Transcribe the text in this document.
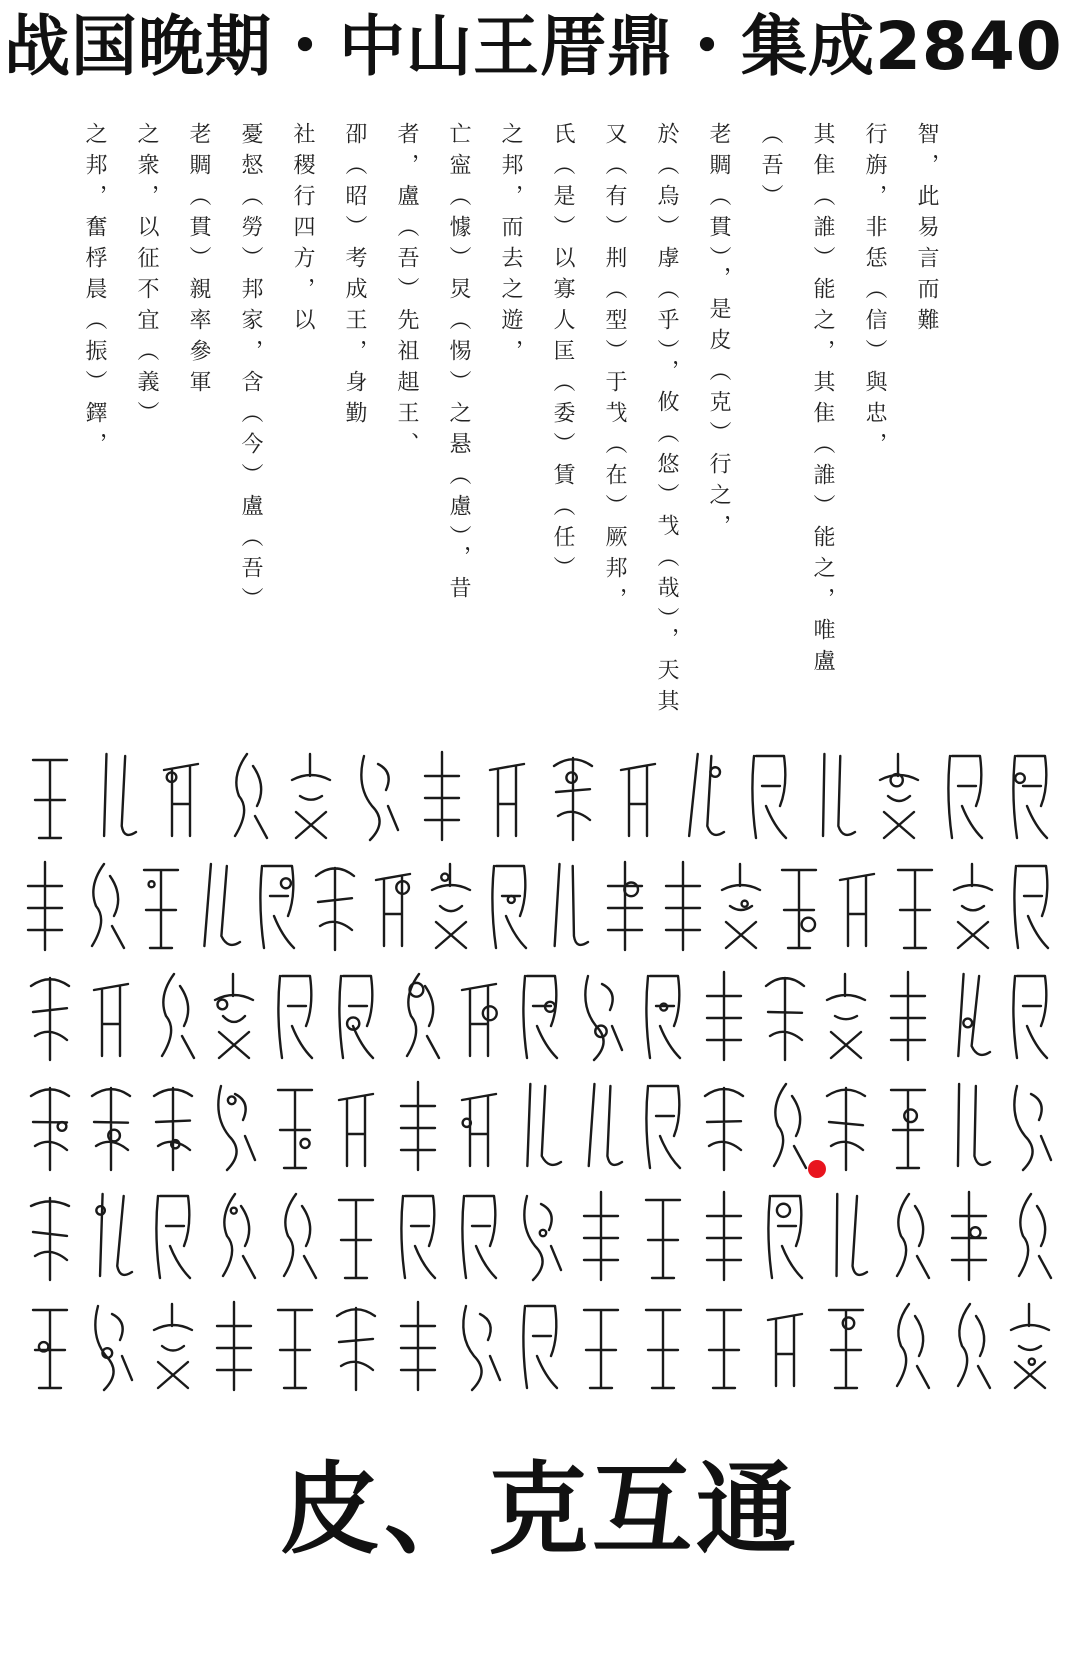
战国晚期・中山王厝鼎・集成2840
智，此易言而難
行旃，非恁（信）與忠，
其隹（誰）能之，其隹（誰）能之，唯盧（吾）
老賙（貫），是皮（克）行之，
於（烏）虖（乎），攸（悠）𢦏（哉），天其
又（有）㓝（型）于𢦏（在）厥邦，
氏（是）以寡人匡（委）賃（任）
之邦，而去之遊，
亡寍（懅）炅（惕）之悬（慮），昔
者，盧（吾）先祖趄王、
卲（昭）考成王，身勤
社稷行四方，以
憂惄（勞）邦家，含（今）盧（吾）
老賙（貫）親率參軍
之衆，以征不宜（義）
之邦，奮桴晨（振）鐸，
皮、克互通
